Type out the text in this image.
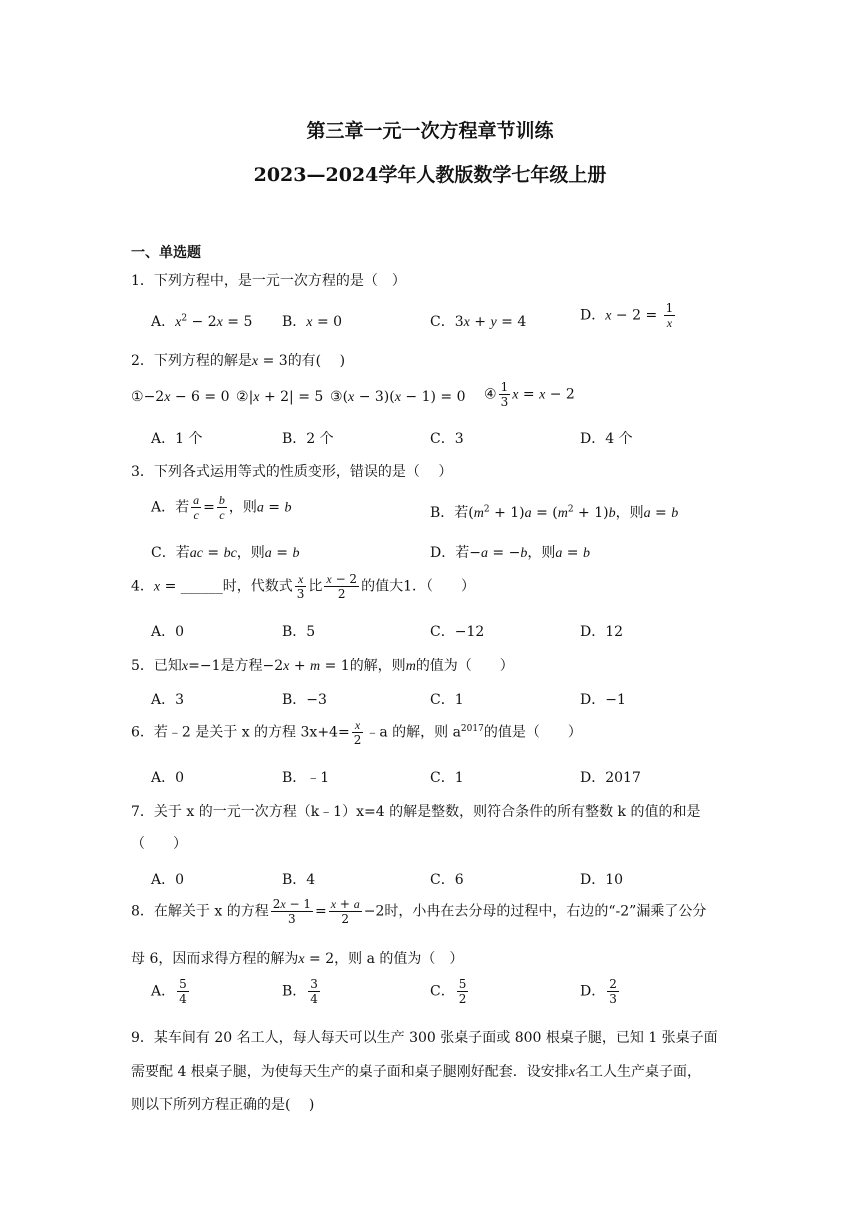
第三章一元一次方程章节训练
2023—2024学年人教版数学七年级上册
一、单选题
1．下列方程中，是一元一次方程的是（　）
A．$x^2 - 2x = 5$ B．x = 0	C．3x + y = 4	D．$x - 2 = \frac{1}{x}$
2．下列方程的解是x = 3的有(　 )
①−2x − 6 = 0 ②|x + 2| = 5 ③(x − 3)(x − 1) = 0 ④ $\frac{1}{3}$ x = x − 2
A．1 个	B．2 个	C．3	D．4 个
3．下列各式运用等式的性质变形，错误的是（　 ）
A．若 $\frac{a}{c} = \frac{b}{c}$ ，则a = b	B．若$(m^2 + 1)a = (m^2 + 1)b$，则a = b
C．若ac = bc，则a = b	D．若−a = −b，则a = b
4．x = ______时，代数式 $\frac{x}{3}$ 比 $\frac{x - 2}{2}$ 的值大1．（　　）
A．0	B．5	C．−12	D．12
5．已知x=−1是方程−2x + m = 1的解，则m的值为（　　）
A．3	B．−3	C．1	D．−1
6．若﹣2 是关于 x 的方程 $3x+4= \frac{x}{2}$ ﹣a 的解，则 $a^{2017}$的值是（　　）
A．0	B．﹣1	C．1	D．2017
7．关于 x 的一元一次方程（k﹣1）x=4 的解是整数，则符合条件的所有整数 k 的值的和是
（　　）
A．0	B．4	C．6	D．10
8．在解关于 x 的方程 $\frac{2x - 1}{3} = \frac{x + a}{2} -2$时，小冉在去分母的过程中，右边的“-2”漏乘了公分
母 6，因而求得方程的解为x = 2，则 a 的值为（　）
A． $\frac{5}{4}$	B． $\frac{3}{4}$	C． $\frac{5}{2}$	D． $\frac{2}{3}$
9．某车间有 20 名工人，每人每天可以生产 300 张桌子面或 800 根桌子腿，已知 1 张桌子面
需要配 4 根桌子腿，为使每天生产的桌子面和桌子腿刚好配套．设安排x名工人生产桌子面，
则以下所列方程正确的是(　 )
